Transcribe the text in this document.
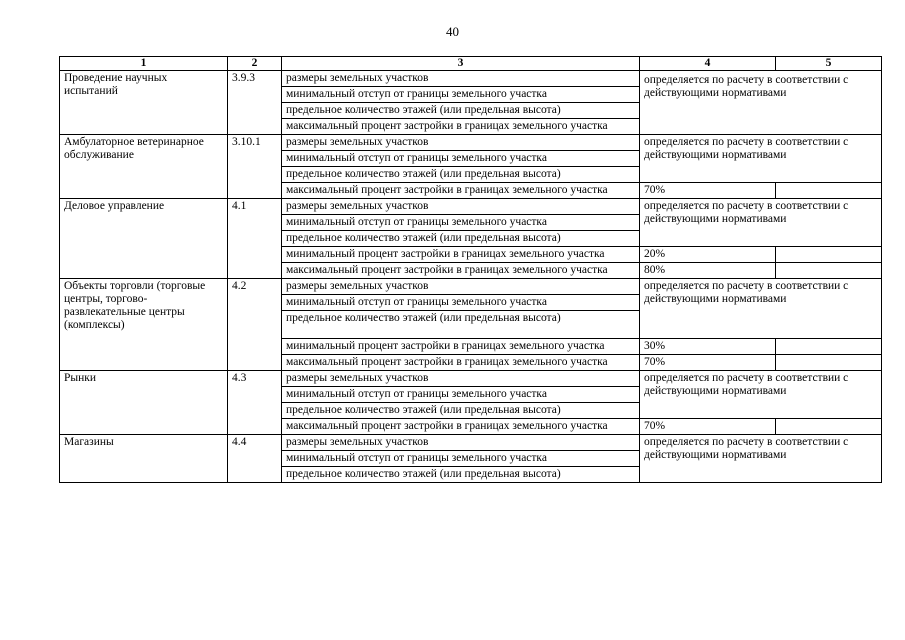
40
1	2	3	4	5
Проведение научных испытаний	3.9.3	размеры земельных участков	определяется по расчету в соответствии с действующими нормативами	
		минимальный отступ от границы земельного участка		
		предельное количество этажей (или предельная высота)		
		максимальный процент застройки в границах земельного участка		
Амбулаторное ветеринарное обслуживание	3.10.1	размеры земельных участков	определяется по расчету в соответствии с действующими нормативами	
		минимальный отступ от границы земельного участка		
		предельное количество этажей (или предельная высота)		
		максимальный процент застройки в границах земельного участка	70%	
Деловое управление	4.1	размеры земельных участков	определяется по расчету в соответствии с действующими нормативами	
		минимальный отступ от границы земельного участка		
		предельное количество этажей (или предельная высота)		
		минимальный процент застройки в границах земельного участка	20%	
		максимальный процент застройки в границах земельного участка	80%	
Объекты торговли (торговые центры, торгово-развлекательные центры (комплексы)	4.2	размеры земельных участков	определяется по расчету в соответствии с действующими нормативами	
		минимальный отступ от границы земельного участка		
		предельное количество этажей (или предельная высота)		
		минимальный процент застройки в границах земельного участка	30%	
		максимальный процент застройки в границах земельного участка	70%	
Рынки	4.3	размеры земельных участков	определяется по расчету в соответствии с действующими нормативами	
		минимальный отступ от границы земельного участка		
		предельное количество этажей (или предельная высота)		
		максимальный процент застройки в границах земельного участка	70%	
Магазины	4.4	размеры земельных участков	определяется по расчету в соответствии с действующими нормативами	
		минимальный отступ от границы земельного участка		
		предельное количество этажей (или предельная высота)		
